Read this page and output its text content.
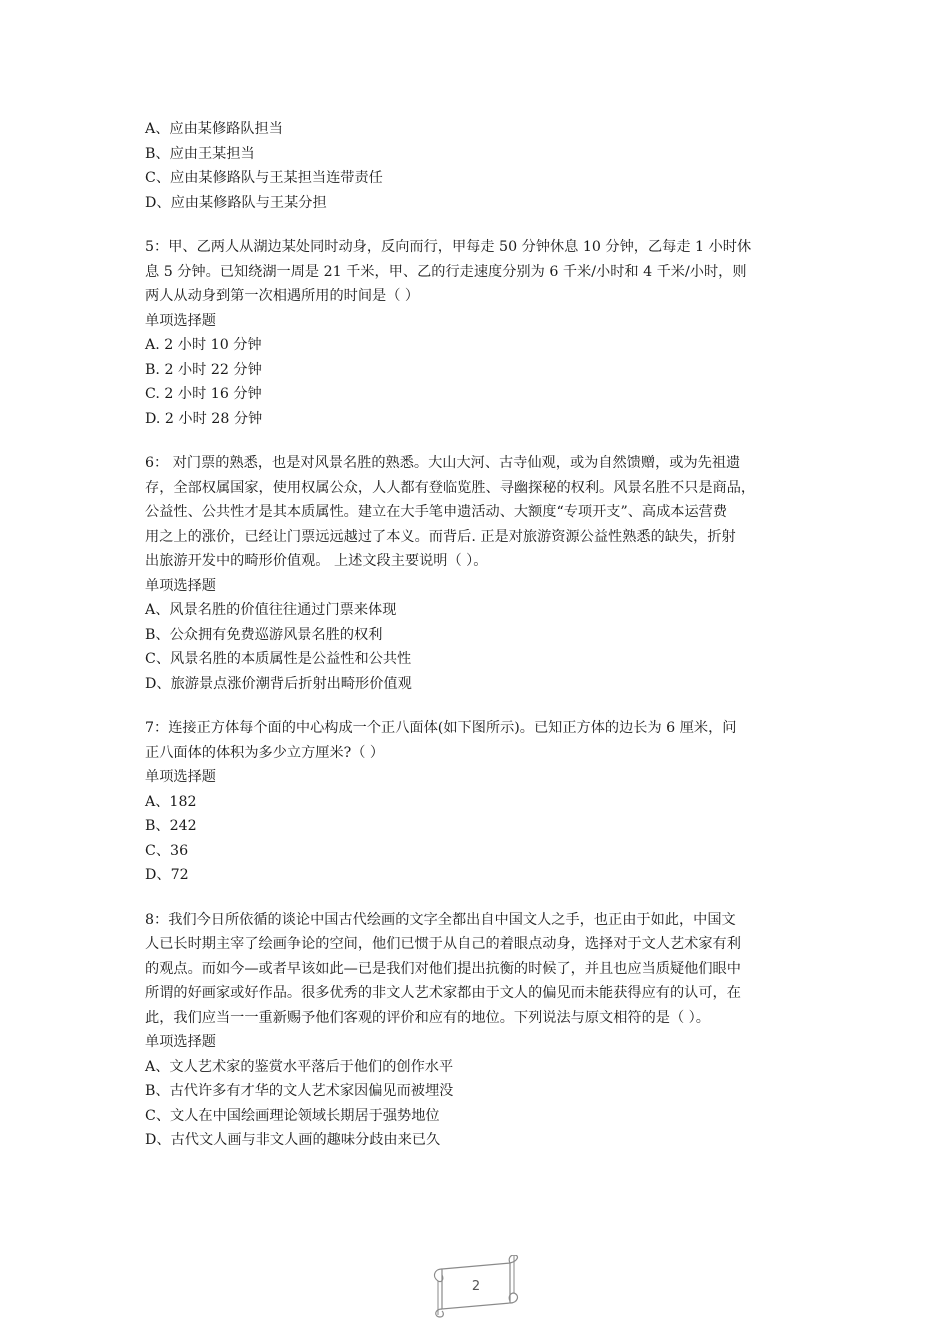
A、应由某修路队担当
B、应由王某担当
C、应由某修路队与王某担当连带责任
D、应由某修路队与王某分担
5：甲、乙两人从湖边某处同时动身，反向而行，甲每走 50 分钟休息 10 分钟，乙每走 1 小时休
息 5 分钟。已知绕湖一周是 21 千米，甲、乙的行走速度分别为 6 千米/小时和 4 千米/小时，则
两人从动身到第一次相遇所用的时间是（ ）
单项选择题
A. 2 小时 10 分钟
B. 2 小时 22 分钟
C. 2 小时 16 分钟
D. 2 小时 28 分钟
6： 对门票的熟悉，也是对风景名胜的熟悉。大山大河、古寺仙观，或为自然馈赠，或为先祖遗
存，全部权属国家，使用权属公众，人人都有登临览胜、寻幽探秘的权利。风景名胜不只是商品，
公益性、公共性才是其本质属性。建立在大手笔申遗活动、大额度“专项开支”、高成本运营费
用之上的涨价，已经让门票远远越过了本义。而背后. 正是对旅游资源公益性熟悉的缺失，折射
出旅游开发中的畸形价值观。 上述文段主要说明（ ）。
单项选择题
A、风景名胜的价值往往通过门票来体现
B、公众拥有免费巡游风景名胜的权利
C、风景名胜的本质属性是公益性和公共性
D、旅游景点涨价潮背后折射出畸形价值观
7：连接正方体每个面的中心构成一个正八面体(如下图所示)。已知正方体的边长为 6 厘米，问
正八面体的体积为多少立方厘米?（ ）
单项选择题
A、182
B、242
C、36
D、72
8：我们今日所依循的谈论中国古代绘画的文字全都出自中国文人之手，也正由于如此，中国文
人已长时期主宰了绘画争论的空间，他们已惯于从自己的着眼点动身，选择对于文人艺术家有利
的观点。而如今—或者早该如此—已是我们对他们提出抗衡的时候了，并且也应当质疑他们眼中
所谓的好画家或好作品。很多优秀的非文人艺术家都由于文人的偏见而未能获得应有的认可，在
此，我们应当一一重新赐予他们客观的评价和应有的地位。下列说法与原文相符的是（ ）。
单项选择题
A、文人艺术家的鉴赏水平落后于他们的创作水平
B、古代许多有才华的文人艺术家因偏见而被埋没
C、文人在中国绘画理论领域长期居于强势地位
D、古代文人画与非文人画的趣味分歧由来已久
2
